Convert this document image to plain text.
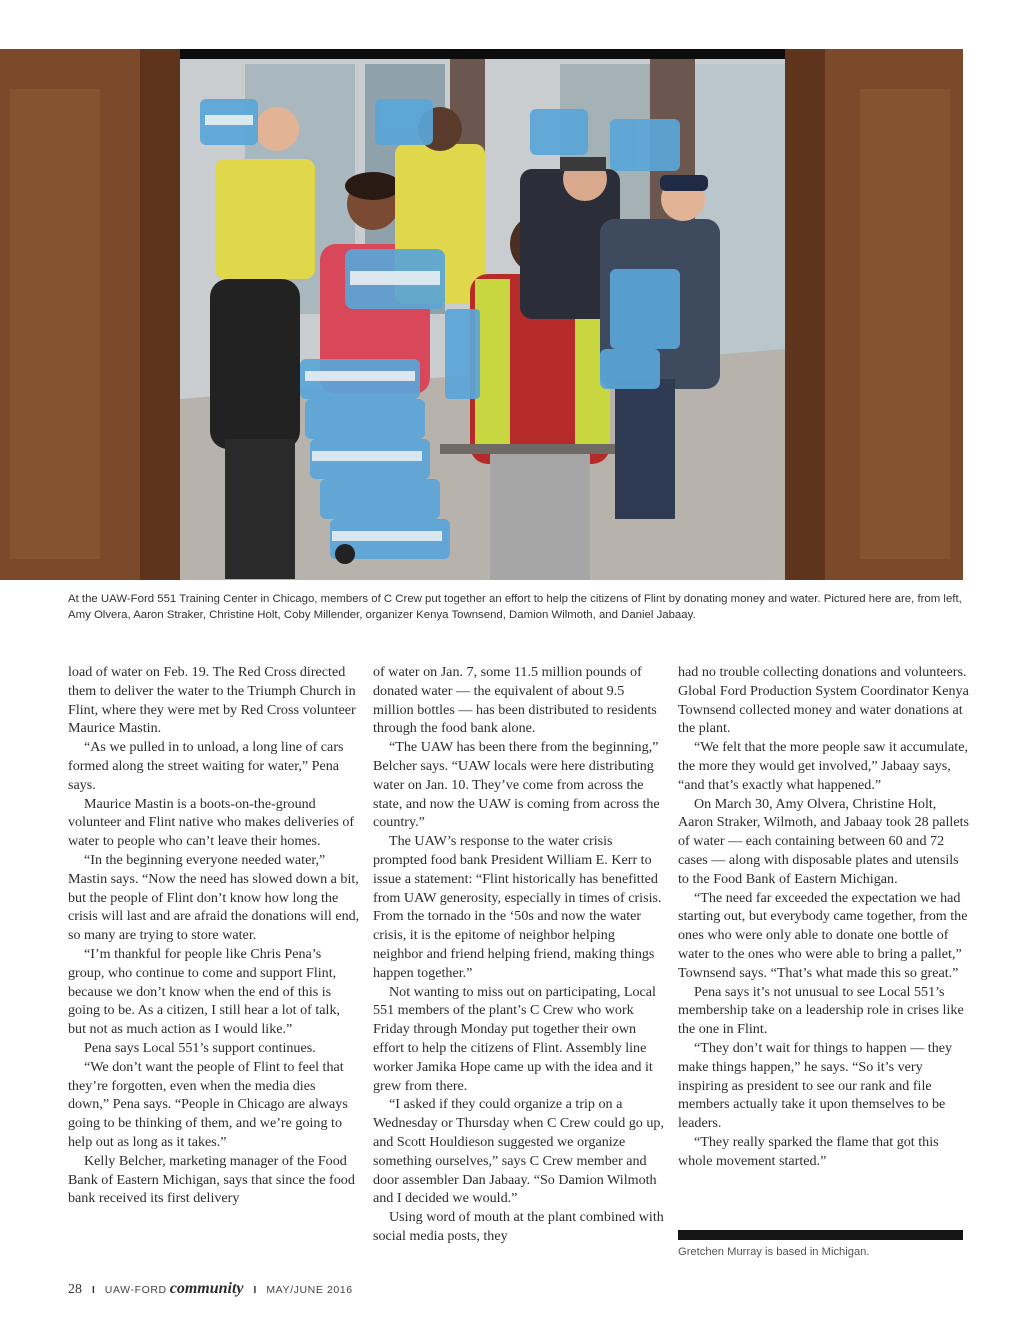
At the UAW-Ford 551 Training Center in Chicago, members of C Crew put together an effort to help the citizens of Flint by donating money and water. Pictured here are, from left, Amy Olvera, Aaron Straker, Christine Holt, Coby Millender, organizer Kenya Townsend, Damion Wilmoth, and Daniel Jabaay.

load of water on Feb. 19. The Red Cross directed them to deliver the water to the Triumph Church in Flint, where they were met by Red Cross volunteer Maurice Mastin.

“As we pulled in to unload, a long line of cars formed along the street waiting for water,” Pena says.

Maurice Mastin is a boots-on-the-ground volunteer and Flint native who makes deliveries of water to people who can’t leave their homes.

“In the beginning everyone needed water,” Mastin says. “Now the need has slowed down a bit, but the people of Flint don’t know how long the crisis will last and are afraid the donations will end, so many are trying to store water.

“I’m thankful for people like Chris Pena’s group, who continue to come and support Flint, because we don’t know when the end of this is going to be. As a citizen, I still hear a lot of talk, but not as much action as I would like.”

Pena says Local 551’s support continues.

“We don’t want the people of Flint to feel that they’re forgotten, even when the media dies down,” Pena says. “People in Chicago are always going to be thinking of them, and we’re going to help out as long as it takes.”

Kelly Belcher, marketing manager of the Food Bank of Eastern Michigan, says that since the food bank received its first delivery

of water on Jan. 7, some 11.5 million pounds of donated water — the equivalent of about 9.5 million bottles — has been distributed to residents through the food bank alone.

“The UAW has been there from the beginning,” Belcher says. “UAW locals were here distributing water on Jan. 10. They’ve come from across the state, and now the UAW is coming from across the country.”

The UAW’s response to the water crisis prompted food bank President William E. Kerr to issue a statement: “Flint historically has benefitted from UAW generosity, especially in times of crisis. From the tornado in the ‘50s and now the water crisis, it is the epitome of neighbor helping neighbor and friend helping friend, making things happen together.”

Not wanting to miss out on participating, Local 551 members of the plant’s C Crew who work Friday through Monday put together their own effort to help the citizens of Flint. Assembly line worker Jamika Hope came up with the idea and it grew from there.

“I asked if they could organize a trip on a Wednesday or Thursday when C Crew could go up, and Scott Houldieson suggested we organize something ourselves,” says C Crew member and door assembler Dan Jabaay. “So Damion Wilmoth and I decided we would.”

Using word of mouth at the plant combined with social media posts, they

had no trouble collecting donations and volunteers. Global Ford Production System Coordinator Kenya Townsend collected money and water donations at the plant.

“We felt that the more people saw it accumulate, the more they would get involved,” Jabaay says, “and that’s exactly what happened.”

On March 30, Amy Olvera, Christine Holt, Aaron Straker, Wilmoth, and Jabaay took 28 pallets of water — each containing between 60 and 72 cases — along with disposable plates and utensils to the Food Bank of Eastern Michigan.

“The need far exceeded the expectation we had starting out, but everybody came together, from the ones who were only able to donate one bottle of water to the ones who were able to bring a pallet,” Townsend says. “That’s what made this so great.”

Pena says it’s not unusual to see Local 551’s membership take on a leadership role in crises like the one in Flint.

“They don’t wait for things to happen — they make things happen,” he says. “So it’s very inspiring as president to see our rank and file members actually take it upon themselves to be leaders.

“They really sparked the flame that got this whole movement started.”

Gretchen Murray is based in Michigan.
28 I UAW-FORD community I MAY/JUNE 2016
